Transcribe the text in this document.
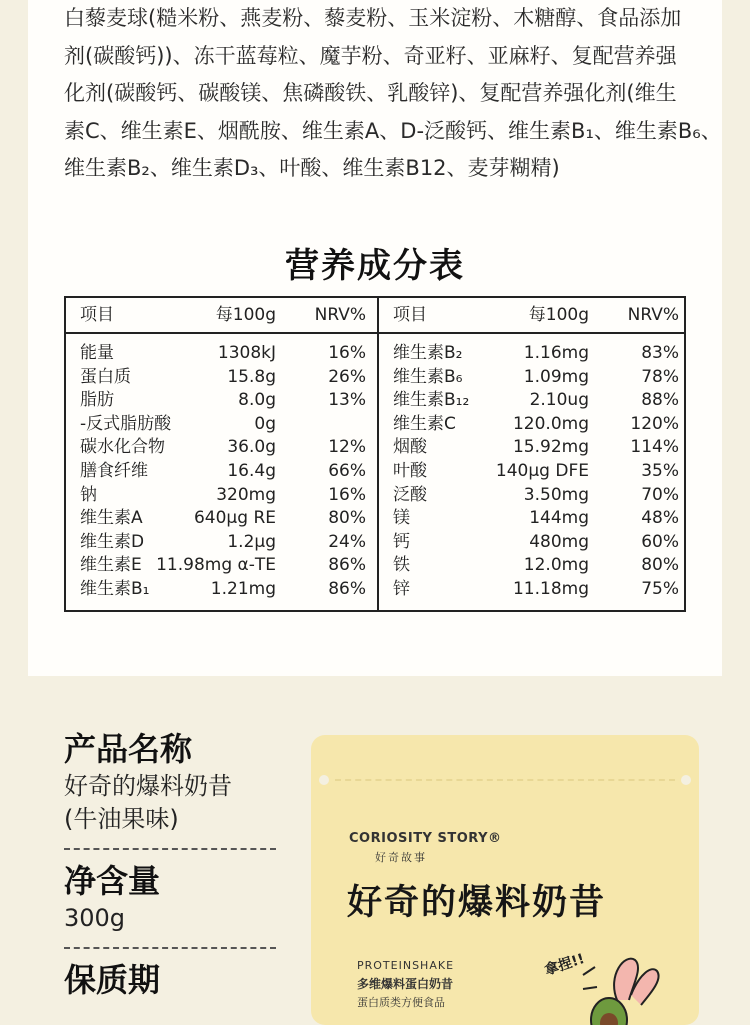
白藜麦球(糙米粉、燕麦粉、藜麦粉、玉米淀粉、木糖醇、食品添加

剂(碳酸钙))、冻干蓝莓粒、魔芋粉、奇亚籽、亚麻籽、复配营养强

化剂(碳酸钙、碳酸镁、焦磷酸铁、乳酸锌)、复配营养强化剂(维生

素C、维生素E、烟酰胺、维生素A、D-泛酸钙、维生素B₁、维生素B₆、

维生素B₂、维生素D₃、叶酸、维生素B12、麦芽糊精)

营养成分表
项目	每100g NRV%
能量	1308kJ	16%
蛋白质	15.8g	26%
脂肪	8.0g	13%
-反式脂肪酸	0g
碳水化合物	36.0g	12%
膳食纤维	16.4g	66%
钠	320mg	16%
维生素A	640μg RE	80%
维生素D	1.2μg	24%
维生素E 11.98mg α-TE	86%
维生素B₁	1.21mg	86%
项目	每100g NRV%
维生素B₂	1.16mg	83%
维生素B₆	1.09mg	78%
维生素B₁₂	2.10ug	88%
维生素C	120.0mg 120%
烟酸	15.92mg 114%
叶酸	140μg DFE	35%
泛酸	3.50mg	70%
镁	144mg	48%
钙	480mg	60%
铁	12.0mg	80%
锌	11.18mg	75%

产品名称

好奇的爆料奶昔

(牛油果味)

净含量

300g

保质期

CORIOSITY STORY®
好奇故事
好奇的爆料奶昔
PROTEINSHAKE
多维爆料蛋白奶昔
蛋白质类方便食品
拿捏!!
